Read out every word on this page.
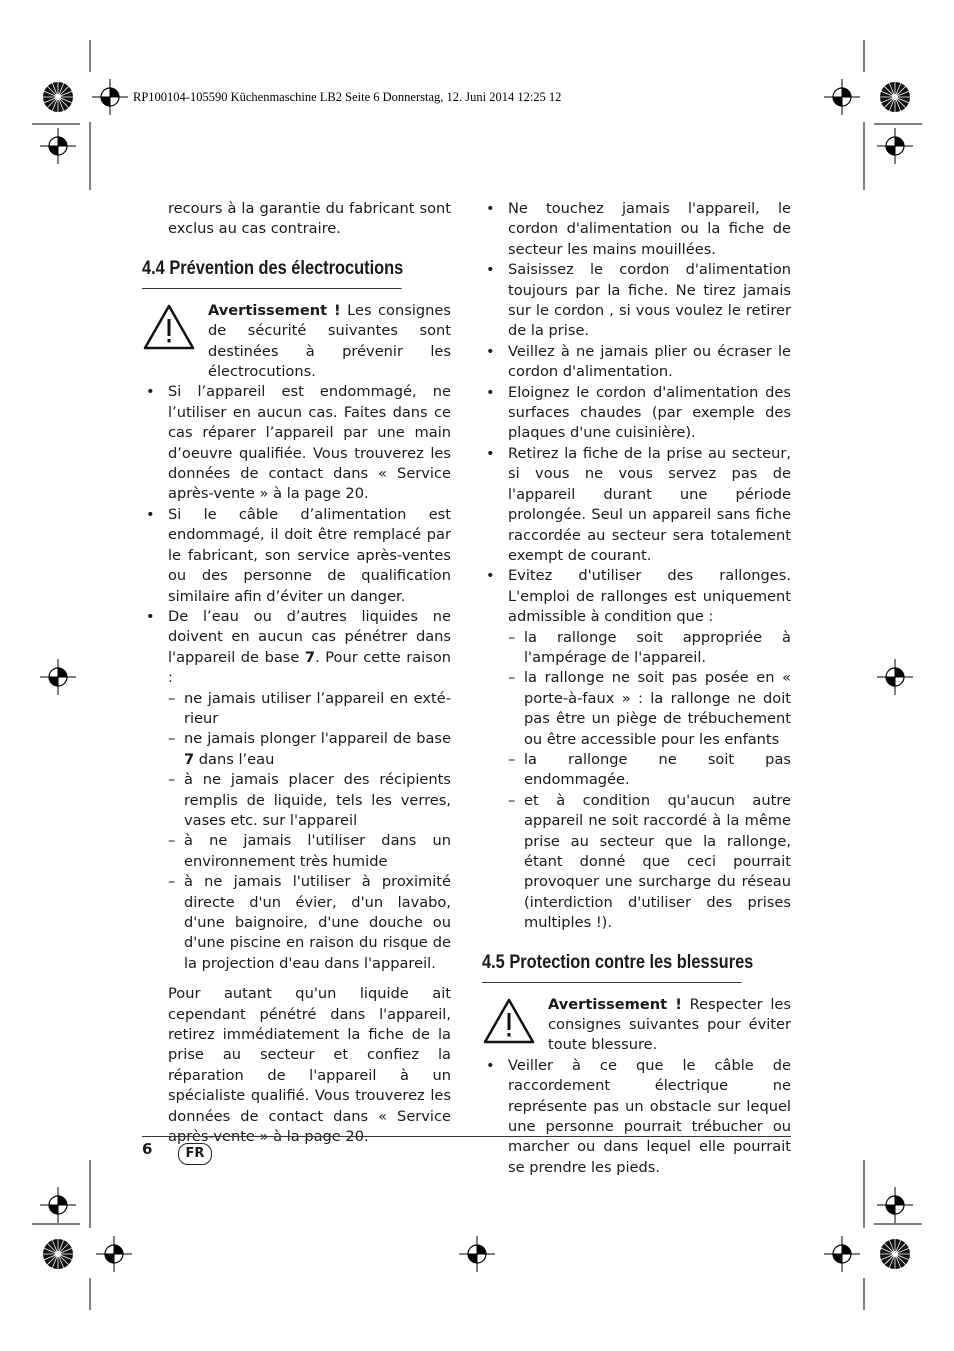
RP100104-105590 Küchenmaschine LB2 Seite 6 Donnerstag, 12. Juni 2014 12:25 12
recours à la garantie du fabricant sont exclus au cas contraire.
4.4 Prévention des électrocutions
Avertissement ! Les consignes de sécurité suivantes sont destinées à prévenir les électrocutions.
• Si l’appareil est endommagé, ne l’utiliser en aucun cas. Faites dans ce cas réparer l’appareil par une main d’oeuvre qualifiée. Vous trouverez les données de contact dans « Service après-vente » à la page 20.
• Si le câble d’alimentation est endommagé, il doit être remplacé par le fabricant, son service après-ventes ou des personne de qualification similaire afin d’éviter un danger.
• De l’eau ou d’autres liquides ne doivent en aucun cas pénétrer dans l'appareil de base 7. Pour cette raison :
– ne jamais utiliser l’appareil en exté-rieur
– ne jamais plonger l'appareil de base 7 dans l’eau
– à ne jamais placer des récipients remplis de liquide, tels les verres, vases etc. sur l'appareil
– à ne jamais l'utiliser dans un environnement très humide
– à ne jamais l'utiliser à proximité directe d'un évier, d'un lavabo, d'une baignoire, d'une douche ou d'une piscine en raison du risque de la projection d'eau dans l'appareil.
Pour autant qu'un liquide ait cependant pénétré dans l'appareil, retirez immédiatement la fiche de la prise au secteur et confiez la réparation de l'appareil à un spécialiste qualifié. Vous trouverez les données de contact dans « Service après-vente » à la page 20.
• Ne touchez jamais l'appareil, le cordon d'alimentation ou la fiche de secteur les mains mouillées.
• Saisissez le cordon d'alimentation toujours par la fiche. Ne tirez jamais sur le cordon , si vous voulez le retirer de la prise.
• Veillez à ne jamais plier ou écraser le cordon d'alimentation.
• Eloignez le cordon d'alimentation des surfaces chaudes (par exemple des plaques d'une cuisinière).
• Retirez la fiche de la prise au secteur, si vous ne vous servez pas de l'appareil durant une période prolongée. Seul un appareil sans fiche raccordée au secteur sera totalement exempt de courant.
• Evitez d'utiliser des rallonges. L'emploi de rallonges est uniquement admissible à condition que :
– la rallonge soit appropriée à l'ampérage de l'appareil.
– la rallonge ne soit pas posée en « porte-à-faux » : la rallonge ne doit pas être un piège de trébuchement ou être accessible pour les enfants
– la rallonge ne soit pas endommagée.
– et à condition qu'aucun autre appareil ne soit raccordé à la même prise au secteur que la rallonge, étant donné que ceci pourrait provoquer une surcharge du réseau (interdiction d'utiliser des prises multiples !).
4.5 Protection contre les blessures
Avertissement ! Respecter les consignes suivantes pour éviter toute blessure.
• Veiller à ce que le câble de raccordement électrique ne représente pas un obstacle sur lequel une personne pourrait trébucher ou marcher ou dans lequel elle pourrait se prendre les pieds.
6	FR
